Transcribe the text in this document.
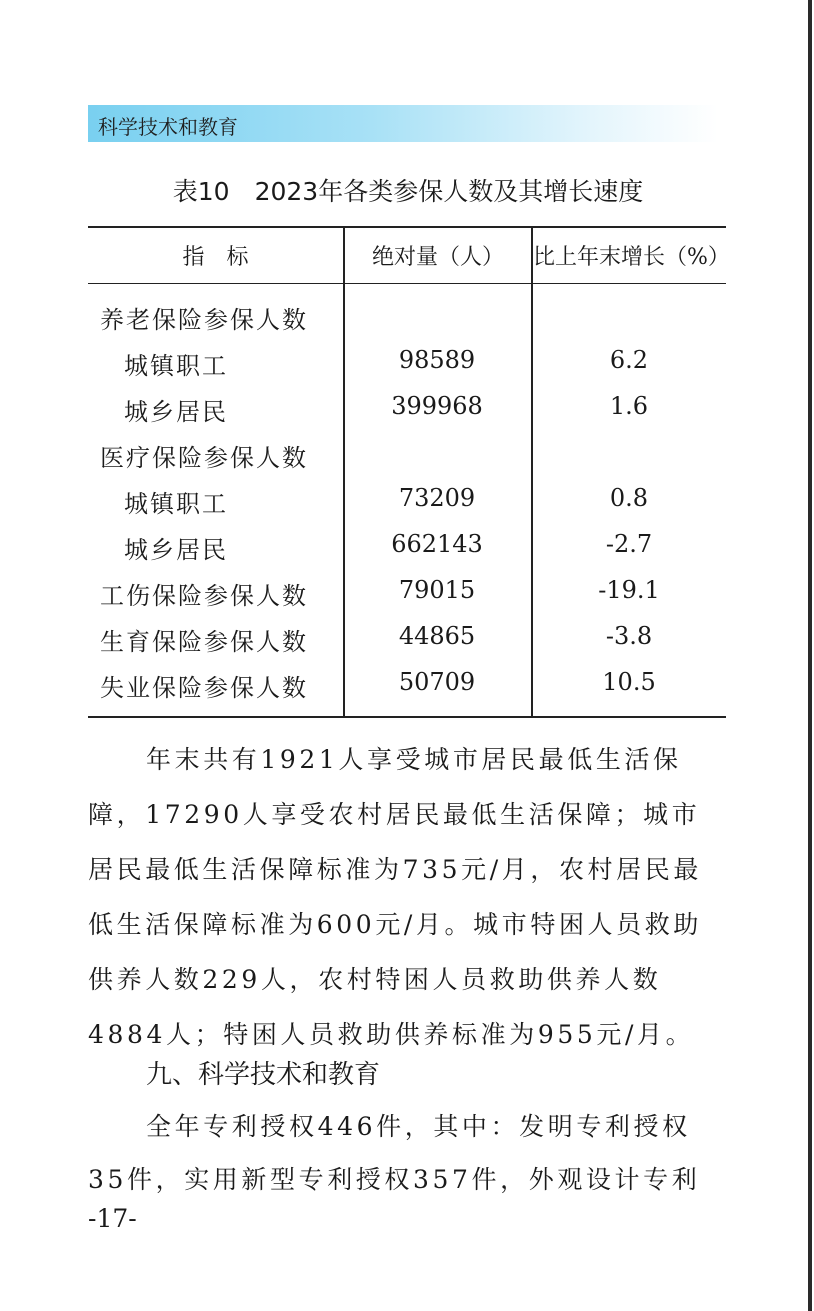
科学技术和教育
表10　2023年各类参保人数及其增长速度
指　标	绝对量（人）	比上年末增长（%）
养老保险参保人数
城镇职工	98589	6.2
城乡居民	399968	1.6
医疗保险参保人数
城镇职工	73209	0.8
城乡居民	662143	-2.7
工伤保险参保人数	79015	-19.1
生育保险参保人数	44865	-3.8
失业保险参保人数	50709	10.5
年末共有1921人享受城市居民最低生活保
障，17290人享受农村居民最低生活保障；城市
居民最低生活保障标准为735元/月，农村居民最
低生活保障标准为600元/月。城市特困人员救助
供养人数229人，农村特困人员救助供养人数
4884人；特困人员救助供养标准为955元/月。
九、科学技术和教育
全年专利授权446件，其中：发明专利授权
35件，实用新型专利授权357件，外观设计专利
-17-
